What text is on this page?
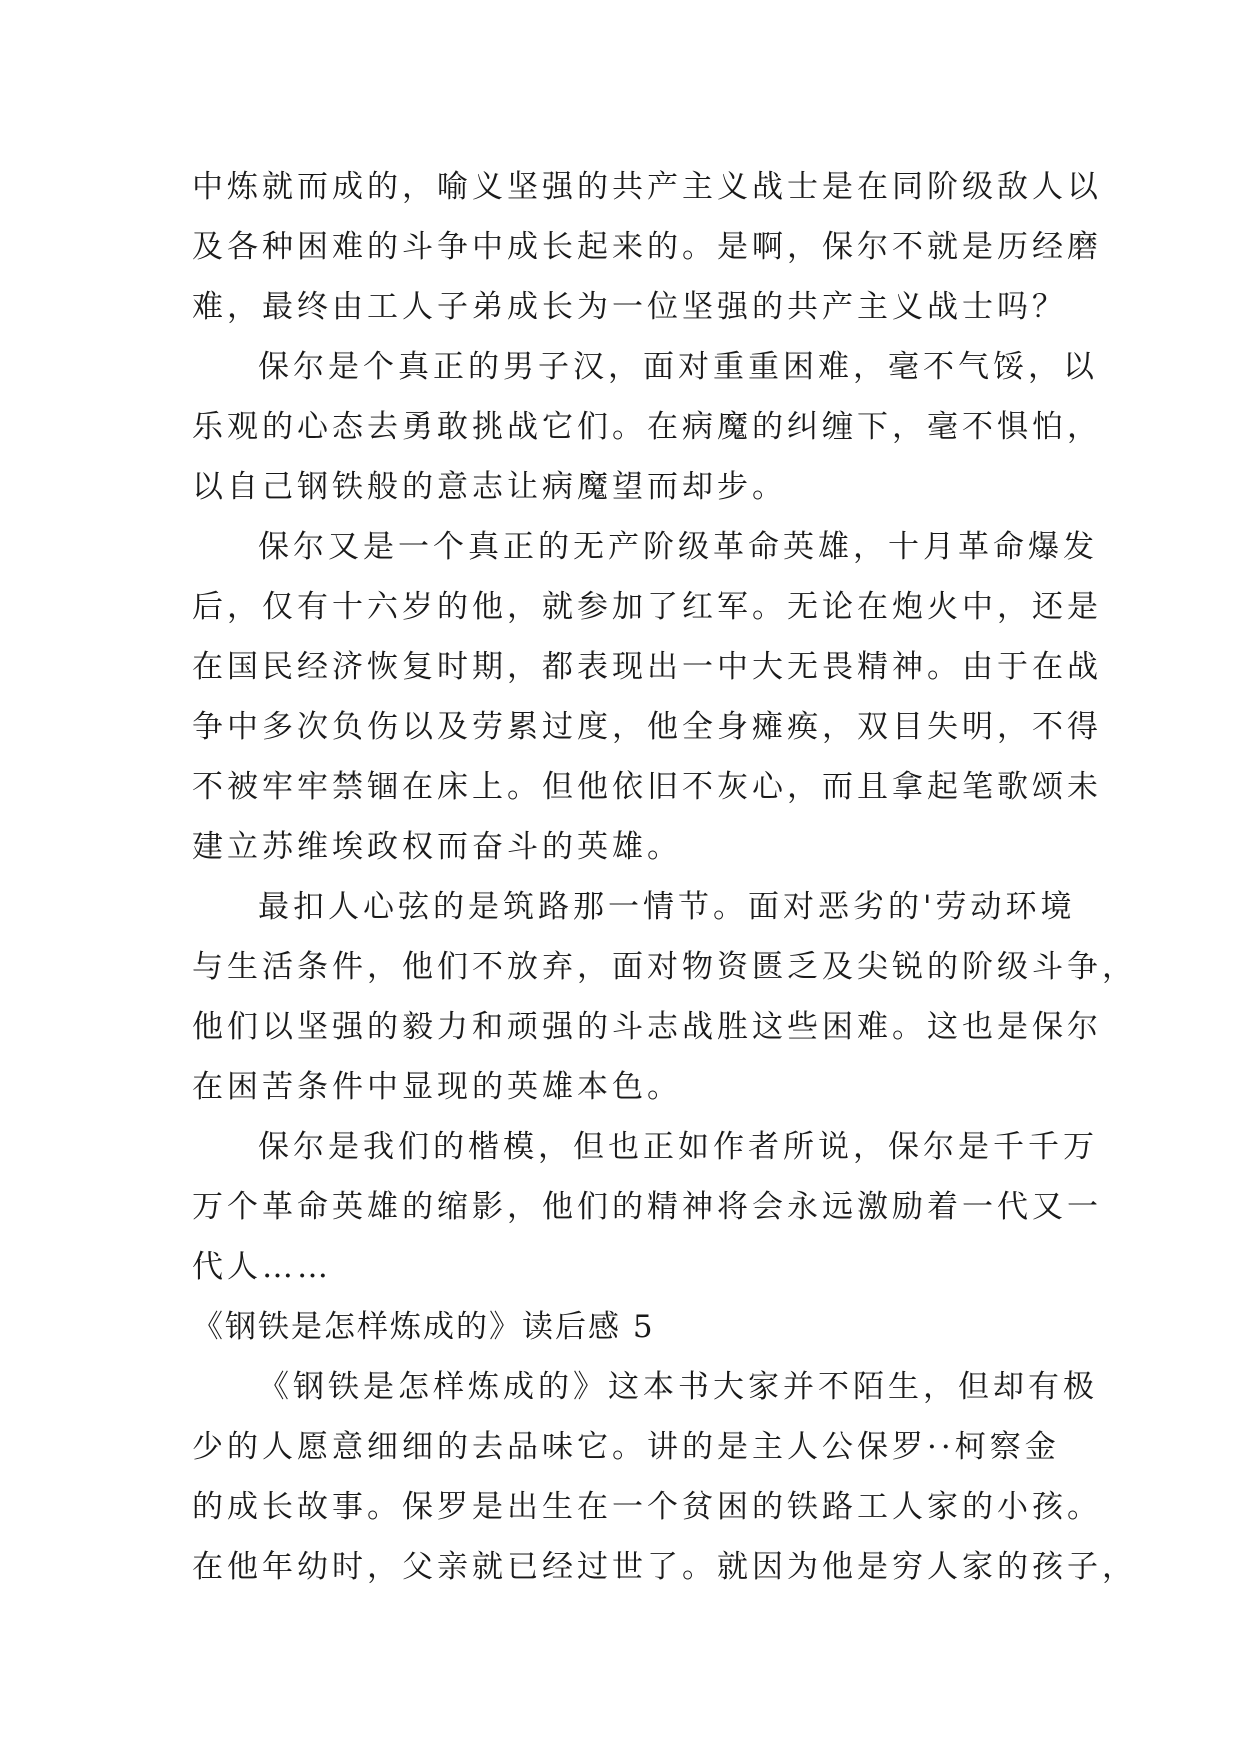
中炼就而成的，喻义坚强的共产主义战士是在同阶级敌人以
及各种困难的斗争中成长起来的。是啊，保尔不就是历经磨
难，最终由工人子弟成长为一位坚强的共产主义战士吗？
保尔是个真正的男子汉，面对重重困难，毫不气馁，以
乐观的心态去勇敢挑战它们。在病魔的纠缠下，毫不惧怕，
以自己钢铁般的意志让病魔望而却步。
保尔又是一个真正的无产阶级革命英雄，十月革命爆发
后，仅有十六岁的他，就参加了红军。无论在炮火中，还是
在国民经济恢复时期，都表现出一中大无畏精神。由于在战
争中多次负伤以及劳累过度，他全身瘫痪，双目失明，不得
不被牢牢禁锢在床上。但他依旧不灰心，而且拿起笔歌颂未
建立苏维埃政权而奋斗的英雄。
最扣人心弦的是筑路那一情节。面对恶劣的'劳动环境
与生活条件，他们不放弃，面对物资匮乏及尖锐的阶级斗争，
他们以坚强的毅力和顽强的斗志战胜这些困难。这也是保尔
在困苦条件中显现的英雄本色。
保尔是我们的楷模，但也正如作者所说，保尔是千千万
万个革命英雄的缩影，他们的精神将会永远激励着一代又一
代人……
《钢铁是怎样炼成的》读后感 5
《钢铁是怎样炼成的》这本书大家并不陌生，但却有极
少的人愿意细细的去品味它。讲的是主人公保罗··柯察金
的成长故事。保罗是出生在一个贫困的铁路工人家的小孩。
在他年幼时，父亲就已经过世了。就因为他是穷人家的孩子，
